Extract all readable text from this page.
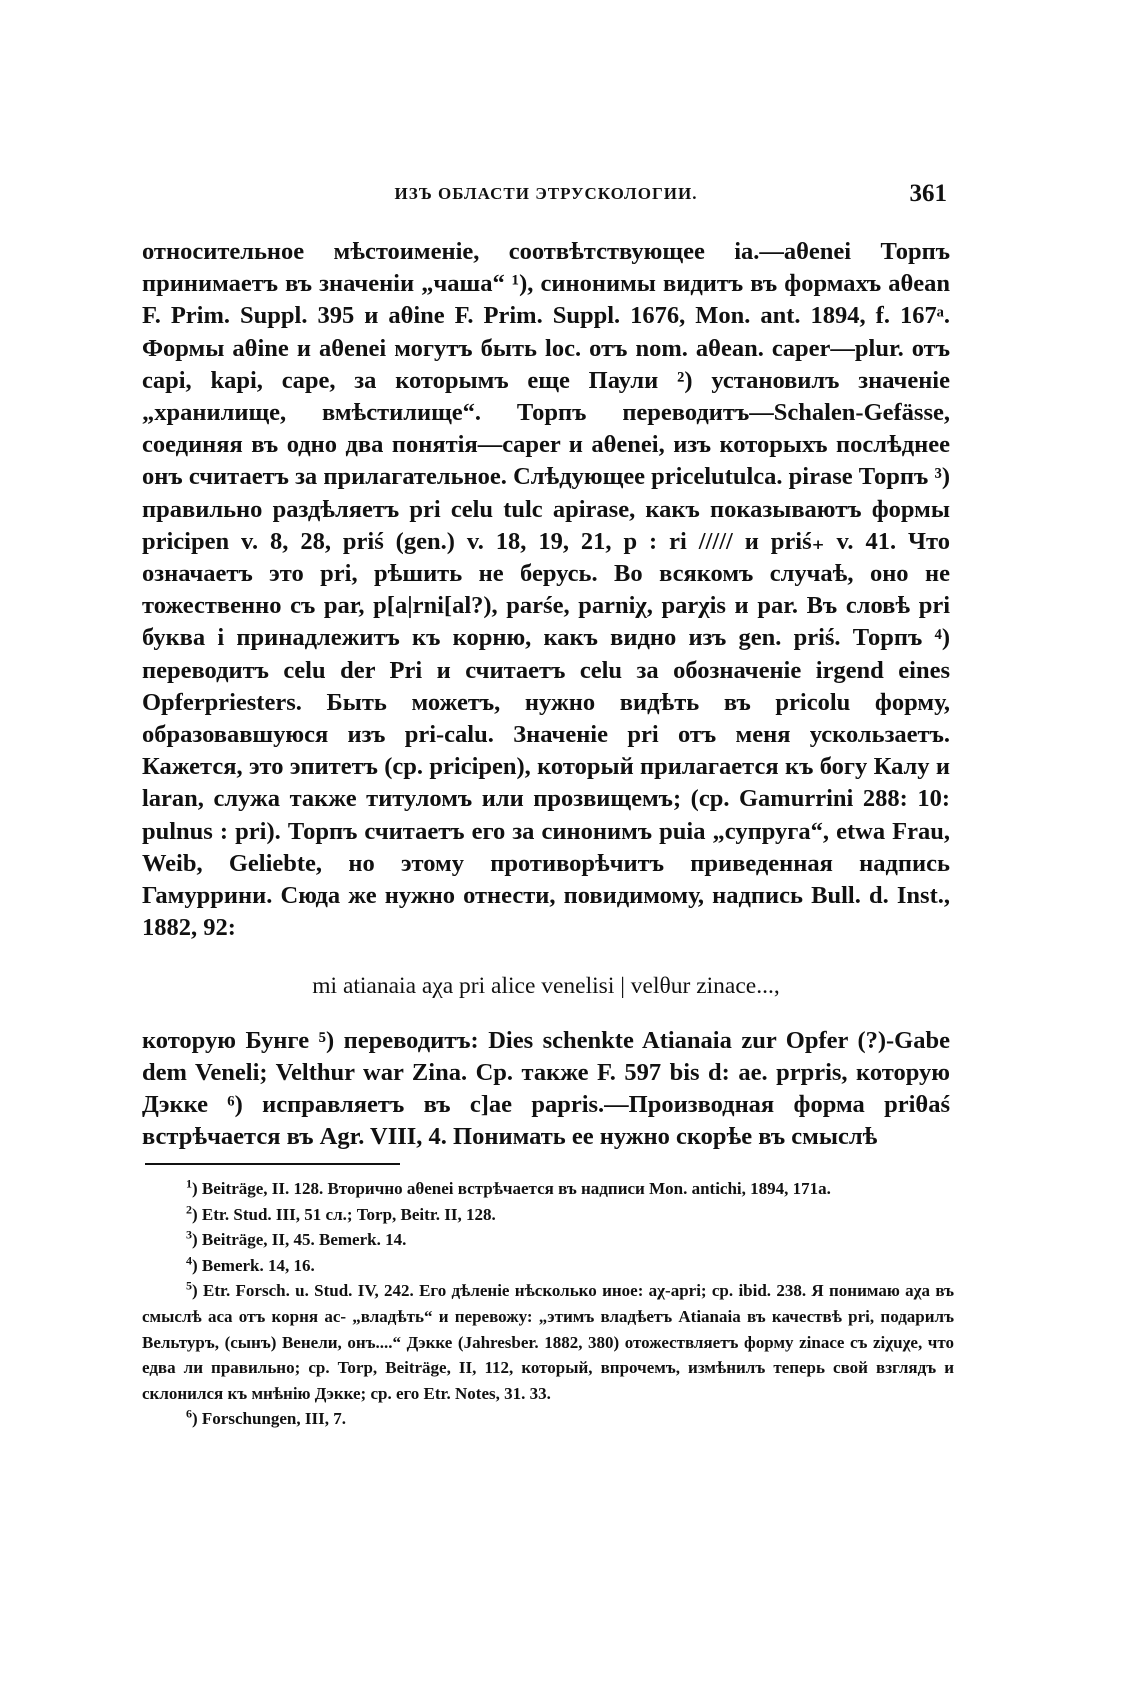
ИЗЪ ОБЛАСТИ ЭТРУСКОЛОГИИ.	361

относительное мѣстоименіе, соотвѣтствующее ia.—aθenei Торпъ принимаетъ въ значеніи „чаша“ ¹), синонимы видитъ въ формахъ aθean F. Prim. Suppl. 395 и aθine F. Prim. Suppl. 1676, Mon. ant. 1894, f. 167ᵃ. Формы aθine и aθenei могутъ быть loc. отъ nom. aθean. caper—plur. отъ capi, kapi, cape, за которымъ еще Паули ²) установилъ значеніе „хранилище, вмѣстилище“. Торпъ переводитъ—Schalen-Gefässe, соединяя въ одно два понятія—caper и aθenei, изъ которыхъ послѣднее онъ считаетъ за прилагательное. Слѣдующее pricelutulca. pirase Торпъ ³) правильно раздѣляетъ pri celu tulc apirase, какъ показываютъ формы pricipen v. 8, 28, priś (gen.) v. 18, 19, 21, p : ri ///// и priś₊ v. 41. Что означаетъ это pri, рѣшить не берусь. Во всякомъ случаѣ, оно не тожественно съ par, p[a|rni[al?), parśe, parniχ, parχis и par. Въ словѣ pri буква i принадлежитъ къ корню, какъ видно изъ gen. priś. Торпъ ⁴) переводитъ celu der Pri и считаетъ celu за обозначеніе irgend eines Opferpriesters. Быть можетъ, нужно видѣть въ pricolu форму, образовавшуюся изъ pri-calu. Значеніе pri отъ меня ускользаетъ. Кажется, это эпитетъ (ср. pricipen), который прилагается къ богу Калу и laran, служа также титуломъ или прозвищемъ; (ср. Gamurrini 288: 10: pulnus : pri). Торпъ считаетъ его за синонимъ puia „супруга“, etwa Frau, Weib, Geliebte, но этому противорѣчитъ приведенная надпись Гамуррини. Сюда же нужно отнести, повидимому, надпись Bull. d. Inst., 1882, 92:

mi atianaia aχa pri alice venelisi | velθur zinace...,

которую Бунге ⁵) переводитъ: Dies schenkte Atianaia zur Opfer (?)-Gabe dem Veneli; Velthur war Zina. Ср. также F. 597 bis d: ae. prpris, которую Дэкке ⁶) исправляетъ въ c]ae papris.—Производная форма priθaś встрѣчается въ Agr. VIII, 4. Понимать ее нужно скорѣе въ смыслѣ

$^1$) Beiträge, II. 128. Вторично aθenei встрѣчается въ надписи Mon. antichi, 1894, 171a.

$^2$) Etr. Stud. III, 51 сл.; Torp, Beitr. II, 128.

$^3$) Beiträge, II, 45. Bemerk. 14.

$^4$) Bemerk. 14, 16.

$^5$) Etr. Forsch. u. Stud. IV, 242. Его дѣленіе нѣсколько иное: aχ-apri; ср. ibid. 238. Я понимаю aχa въ смыслѣ aca отъ корня ac- „владѣть“ и перевожу: „этимъ владѣетъ Atianaia въ качествѣ pri, подарилъ Вельтуръ, (сынъ) Венели, онъ....“ Дэкке (Jahresber. 1882, 380) отожествляетъ форму zinace съ ziχuχe, что едва ли правильно; ср. Torp, Beiträge, II, 112, который, впрочемъ, измѣнилъ теперь свой взглядъ и склонился къ мнѣнію Дэкке; ср. его Etr. Notes, 31. 33.

$^6$) Forschungen, III, 7.
